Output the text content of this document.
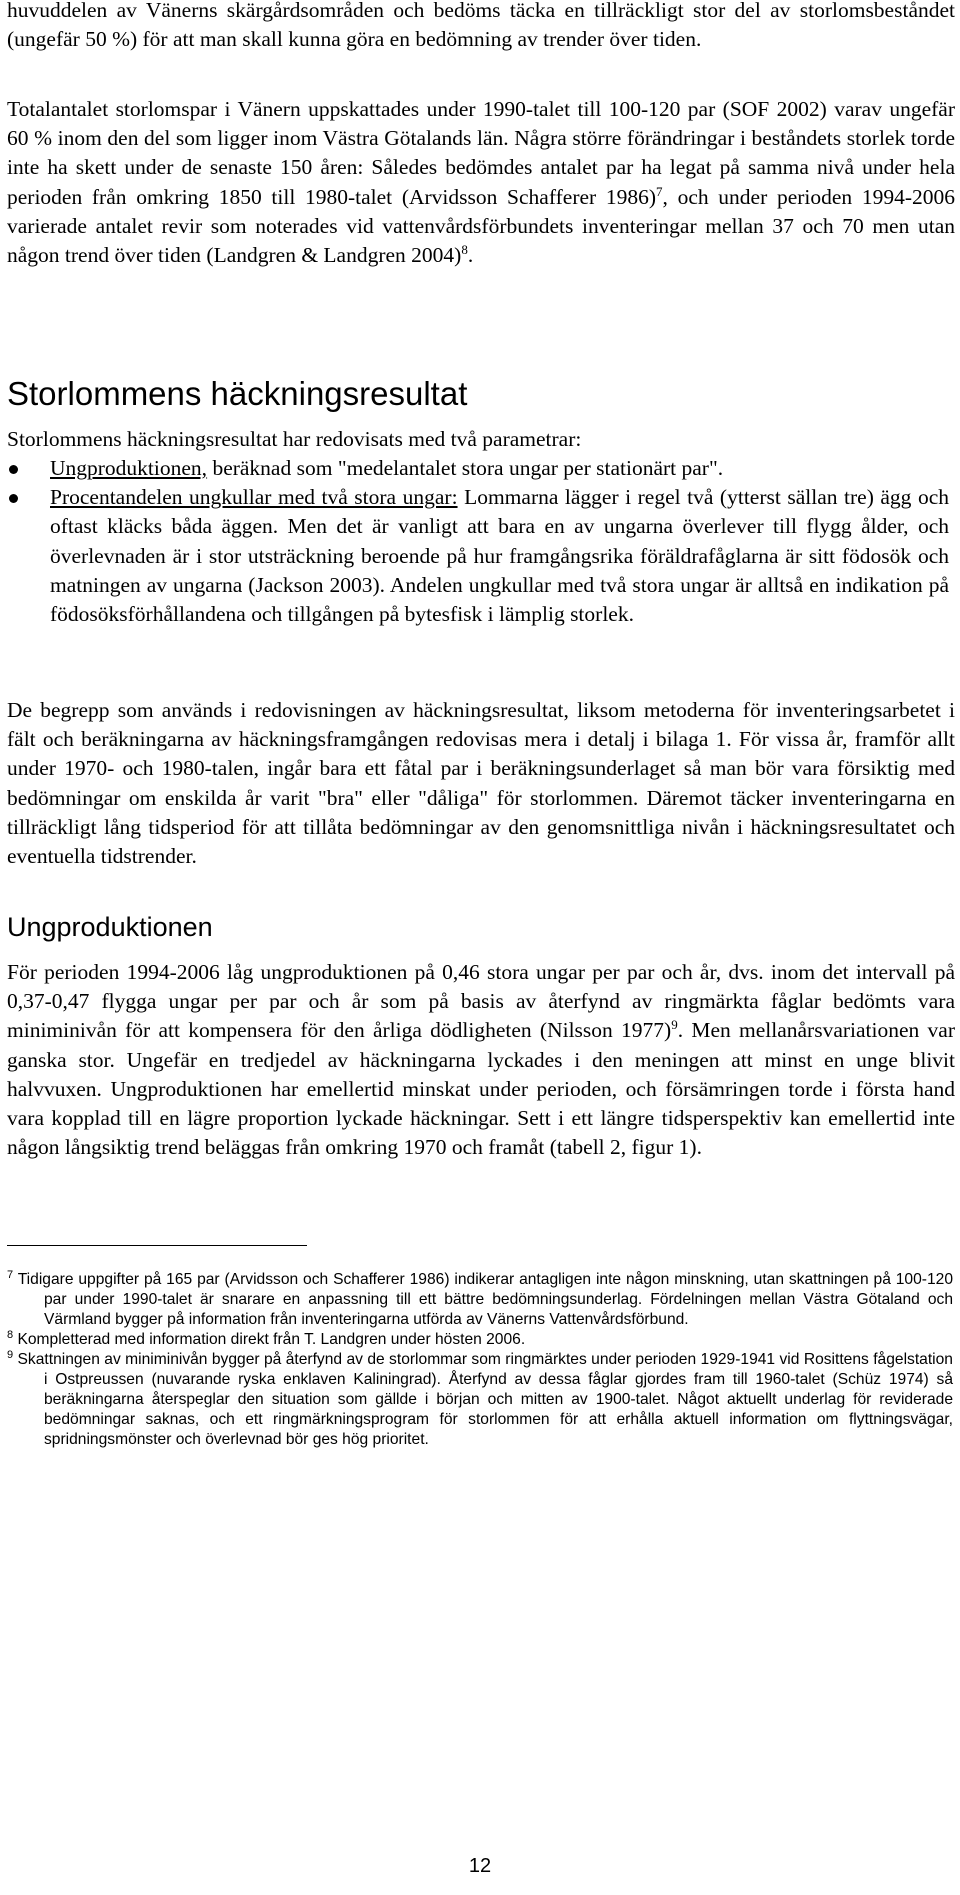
huvuddelen av Vänerns skärgårdsområden och bedöms täcka en tillräckligt stor del av storlomsbeståndet (ungefär 50 %) för att man skall kunna göra en bedömning av trender över tiden.

Totalantalet storlomspar i Vänern uppskattades under 1990-talet till 100-120 par (SOF 2002) varav ungefär 60 % inom den del som ligger inom Västra Götalands län. Några större förändringar i beståndets storlek torde inte ha skett under de senaste 150 åren: Således bedömdes antalet par ha legat på samma nivå under hela perioden från omkring 1850 till 1980-talet (Arvidsson Schafferer 1986)$^7$, och under perioden 1994-2006 varierade antalet revir som noterades vid vattenvårdsförbundets inventeringar mellan 37 och 70 men utan någon trend över tiden (Landgren & Landgren 2004)$^8$.

Storlommens häckningsresultat

Storlommens häckningsresultat har redovisats med två parametrar:

Ungproduktionen, beräknad som "medelantalet stora ungar per stationärt par".
Procentandelen ungkullar med två stora ungar: Lommarna lägger i regel två (ytterst sällan tre) ägg och oftast kläcks båda äggen. Men det är vanligt att bara en av ungarna överlever till flygg ålder, och överlevnaden är i stor utsträckning beroende på hur framgångsrika föräldrafåglarna är sitt födosök och matningen av ungarna (Jackson 2003). Andelen ungkullar med två stora ungar är alltså en indikation på födosöksförhållandena och tillgången på bytesfisk i lämplig storlek.

De begrepp som används i redovisningen av häckningsresultat, liksom metoderna för inventeringsarbetet i fält och beräkningarna av häckningsframgången redovisas mera i detalj i bilaga 1. För vissa år, framför allt under 1970- och 1980-talen, ingår bara ett fåtal par i beräkningsunderlaget så man bör vara försiktig med bedömningar om enskilda år varit "bra" eller "dåliga" för storlommen. Däremot täcker inventeringarna en tillräckligt lång tidsperiod för att tillåta bedömningar av den genomsnittliga nivån i häckningsresultatet och eventuella tidstrender.

Ungproduktionen

För perioden 1994-2006 låg ungproduktionen på 0,46 stora ungar per par och år, dvs. inom det intervall på 0,37-0,47 flygga ungar per par och år som på basis av återfynd av ringmärkta fåglar bedömts vara miniminivån för att kompensera för den årliga dödligheten (Nilsson 1977)$^9$. Men mellanårsvariationen var ganska stor. Ungefär en tredjedel av häckningarna lyckades i den meningen att minst en unge blivit halvvuxen. Ungproduktionen har emellertid minskat under perioden, och försämringen torde i första hand vara kopplad till en lägre proportion lyckade häckningar. Sett i ett längre tidsperspektiv kan emellertid inte någon långsiktig trend beläggas från omkring 1970 och framåt (tabell 2, figur 1).

$^7$ Tidigare uppgifter på 165 par (Arvidsson och Schafferer 1986) indikerar antagligen inte någon minskning, utan skattningen på 100-120 par under 1990-talet är snarare en anpassning till ett bättre bedömningsunderlag. Fördelningen mellan Västra Götaland och Värmland bygger på information från inventeringarna utförda av Vänerns Vattenvårdsförbund.

$^8$ Kompletterad med information direkt från T. Landgren under hösten 2006.

$^9$ Skattningen av miniminivån bygger på återfynd av de storlommar som ringmärktes under perioden 1929-1941 vid Rosittens fågelstation i Ostpreussen (nuvarande ryska enklaven Kaliningrad). Återfynd av dessa fåglar gjordes fram till 1960-talet (Schüz 1974) så beräkningarna återspeglar den situation som gällde i början och mitten av 1900-talet. Något aktuellt underlag för reviderade bedömningar saknas, och ett ringmärkningsprogram för storlommen för att erhålla aktuell information om flyttningsvägar, spridningsmönster och överlevnad bör ges hög prioritet.

12
